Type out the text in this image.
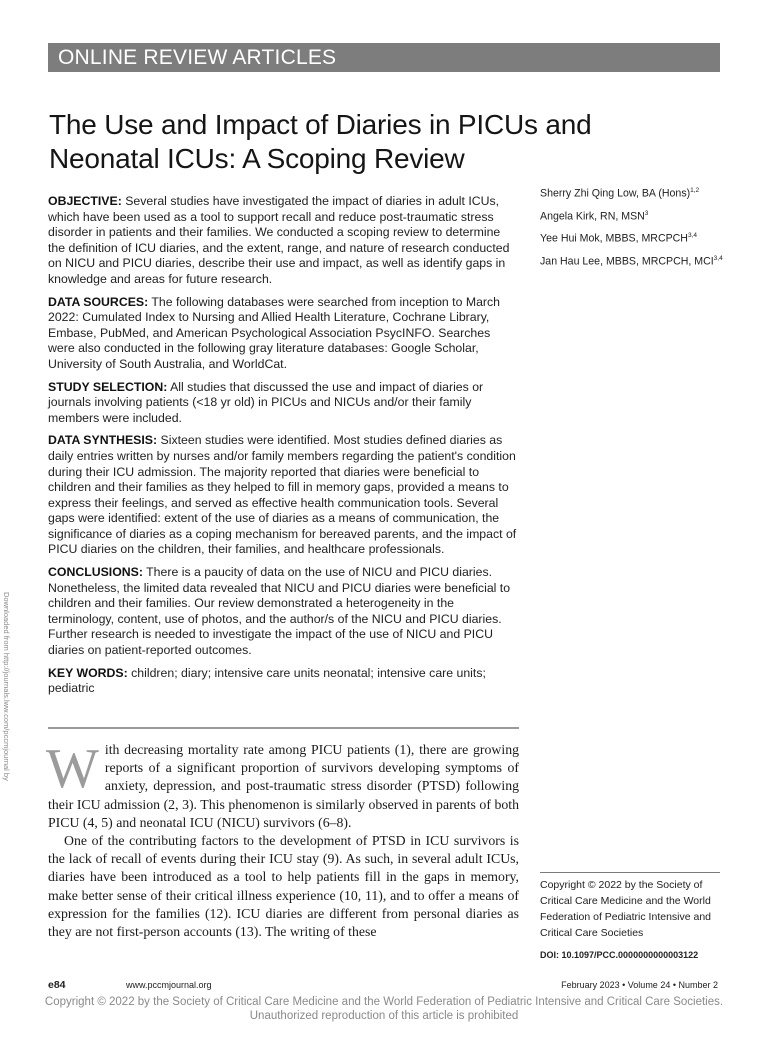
ONLINE REVIEW ARTICLES
The Use and Impact of Diaries in PICUs and Neonatal ICUs: A Scoping Review
Downloaded from http://journals.lww.com/pccmjournal by

OBJECTIVE: Several studies have investigated the impact of diaries in adult ICUs, which have been used as a tool to support recall and reduce post-traumatic stress disorder in patients and their families. We conducted a scoping review to determine the definition of ICU diaries, and the extent, range, and nature of research conducted on NICU and PICU diaries, describe their use and impact, as well as identify gaps in knowledge and areas for future research.

DATA SOURCES: The following databases were searched from inception to March 2022: Cumulated Index to Nursing and Allied Health Literature, Cochrane Library, Embase, PubMed, and American Psychological Association PsycINFO. Searches were also conducted in the following gray literature databases: Google Scholar, University of South Australia, and WorldCat.

STUDY SELECTION: All studies that discussed the use and impact of diaries or journals involving patients (<18 yr old) in PICUs and NICUs and/or their family members were included.

DATA SYNTHESIS: Sixteen studies were identified. Most studies defined diaries as daily entries written by nurses and/or family members regarding the patient's condition during their ICU admission. The majority reported that diaries were beneficial to children and their families as they helped to fill in memory gaps, provided a means to express their feelings, and served as effective health communication tools. Several gaps were identified: extent of the use of diaries as a means of communication, the significance of diaries as a coping mechanism for bereaved parents, and the impact of PICU diaries on the children, their families, and healthcare professionals.

CONCLUSIONS: There is a paucity of data on the use of NICU and PICU diaries. Nonetheless, the limited data revealed that NICU and PICU diaries were beneficial to children and their families. Our review demonstrated a heterogeneity in the terminology, content, use of photos, and the author/s of the NICU and PICU diaries. Further research is needed to investigate the impact of the use of NICU and PICU diaries on patient-reported outcomes.

KEY WORDS: children; diary; intensive care units neonatal; intensive care units; pediatric

Sherry Zhi Qing Low, BA (Hons)$^{1,2}$
Angela Kirk, RN, MSN$^3$
Yee Hui Mok, MBBS, MRCPCH$^{3,4}$
Jan Hau Lee, MBBS, MRCPCH, MCI$^{3,4}$

With decreasing mortality rate among PICU patients (1), there are growing reports of a significant proportion of survivors developing symptoms of anxiety, depression, and post-traumatic stress disorder (PTSD) following their ICU admission (2, 3). This phenomenon is similarly observed in parents of both PICU (4, 5) and neonatal ICU (NICU) survivors (6–8).

One of the contributing factors to the development of PTSD in ICU survivors is the lack of recall of events during their ICU stay (9). As such, in several adult ICUs, diaries have been introduced as a tool to help patients fill in the gaps in memory, make better sense of their critical illness experience (10, 11), and to offer a means of expression for the families (12). ICU diaries are different from personal diaries as they are not first-person accounts (13). The writing of these

Copyright © 2022 by the Society of Critical Care Medicine and the World Federation of Pediatric Intensive and Critical Care Societies
DOI: 10.1097/PCC.0000000000003122
e84	www.pccmjournal.org	February 2023 • Volume 24 • Number 2
Copyright © 2022 by the Society of Critical Care Medicine and the World Federation of Pediatric Intensive and Critical Care Societies.
Unauthorized reproduction of this article is prohibited
